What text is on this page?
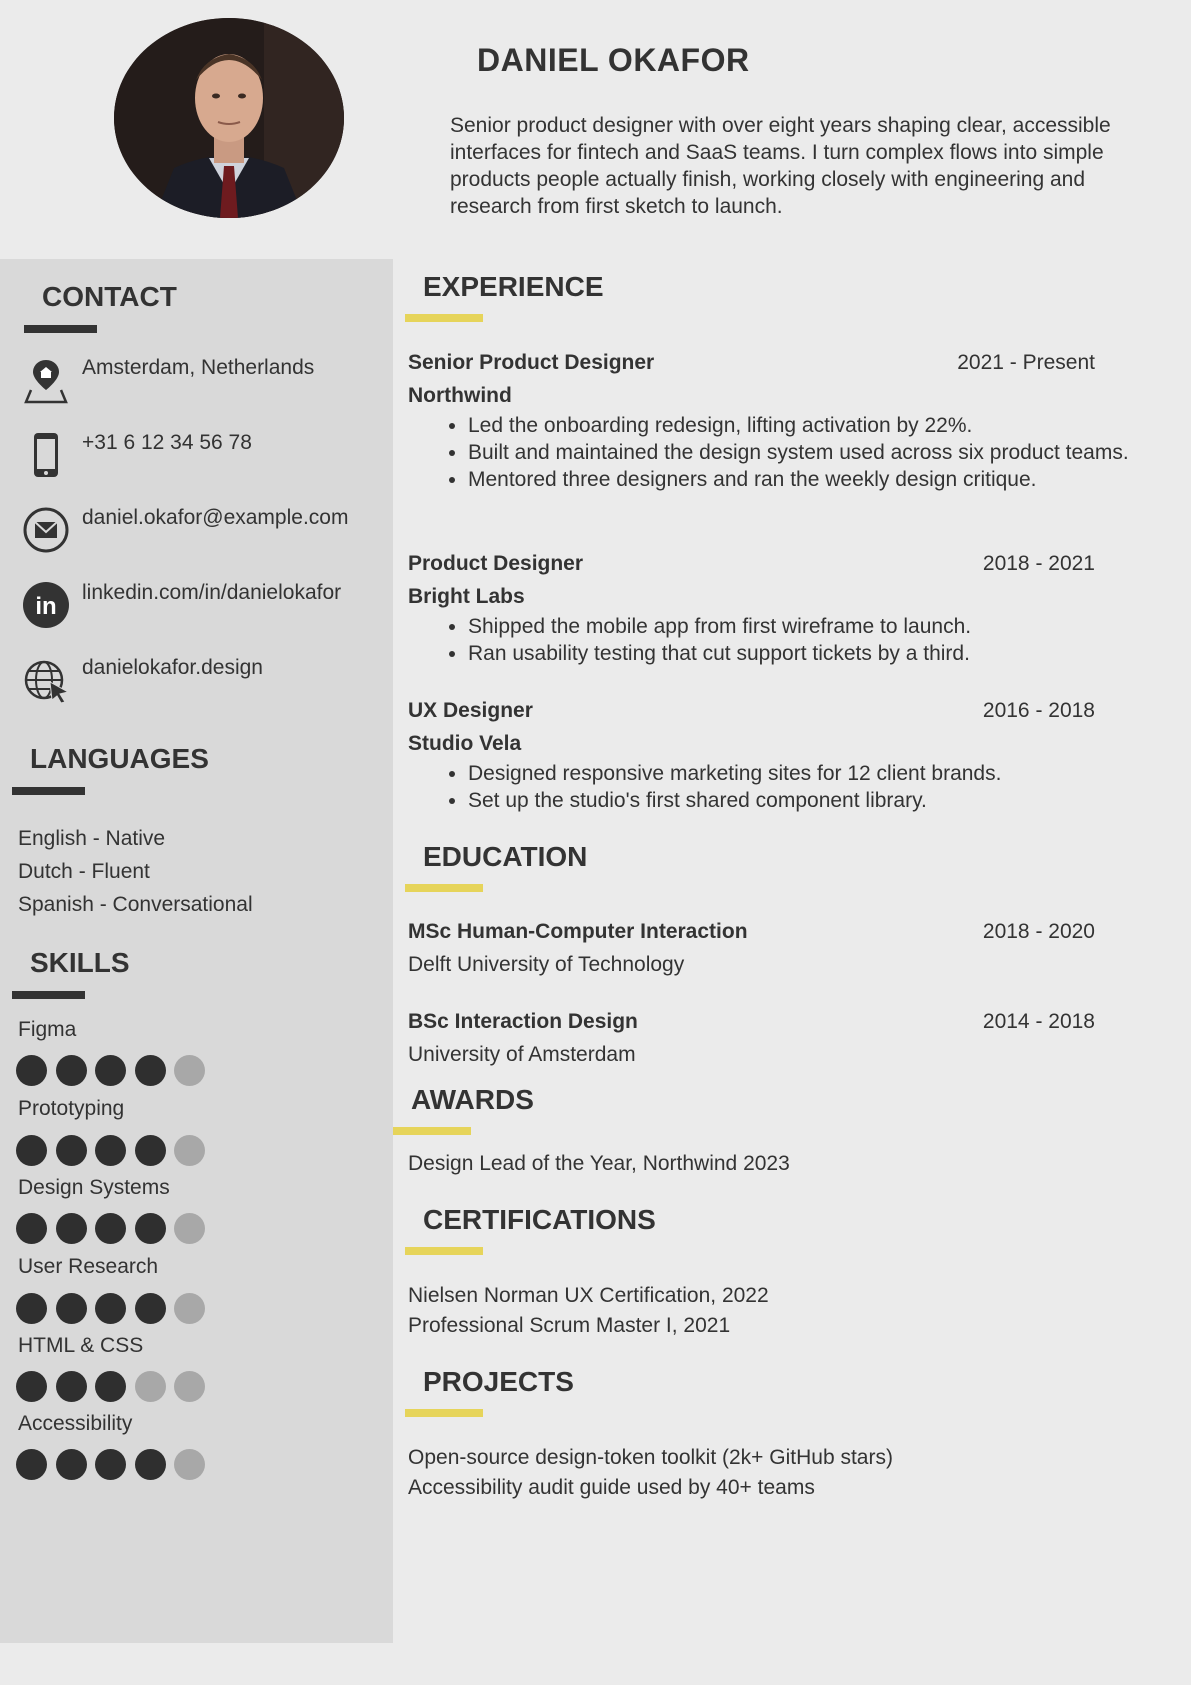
DANIEL OKAFOR

Senior product designer with over eight years shaping clear, accessible interfaces for fintech and SaaS teams. I turn complex flows into simple products people actually finish, working closely with engineering and research from first sketch to launch.

CONTACT
Amsterdam, Netherlands
+31 6 12 34 56 78
daniel.okafor@example.com
in
linkedin.com/in/danielokafor
danielokafor.design
LANGUAGES
English - Native
Dutch - Fluent
Spanish - Conversational
SKILLS
Figma
Prototyping
Design Systems
User Research
HTML & CSS
Accessibility
EXPERIENCE
Senior Product Designer	2021 - Present
Northwind
• Led the onboarding redesign, lifting activation by 22%.
• Built and maintained the design system used across six product teams.
• Mentored three designers and ran the weekly design critique.
Product Designer	2018 - 2021
Bright Labs
• Shipped the mobile app from first wireframe to launch.
• Ran usability testing that cut support tickets by a third.
UX Designer	2016 - 2018
Studio Vela
• Designed responsive marketing sites for 12 client brands.
• Set up the studio's first shared component library.
EDUCATION
MSc Human-Computer Interaction	2018 - 2020
Delft University of Technology
BSc Interaction Design	2014 - 2018
University of Amsterdam
AWARDS
Design Lead of the Year, Northwind 2023
CERTIFICATIONS
Nielsen Norman UX Certification, 2022
Professional Scrum Master I, 2021
PROJECTS
Open-source design-token toolkit (2k+ GitHub stars)
Accessibility audit guide used by 40+ teams
